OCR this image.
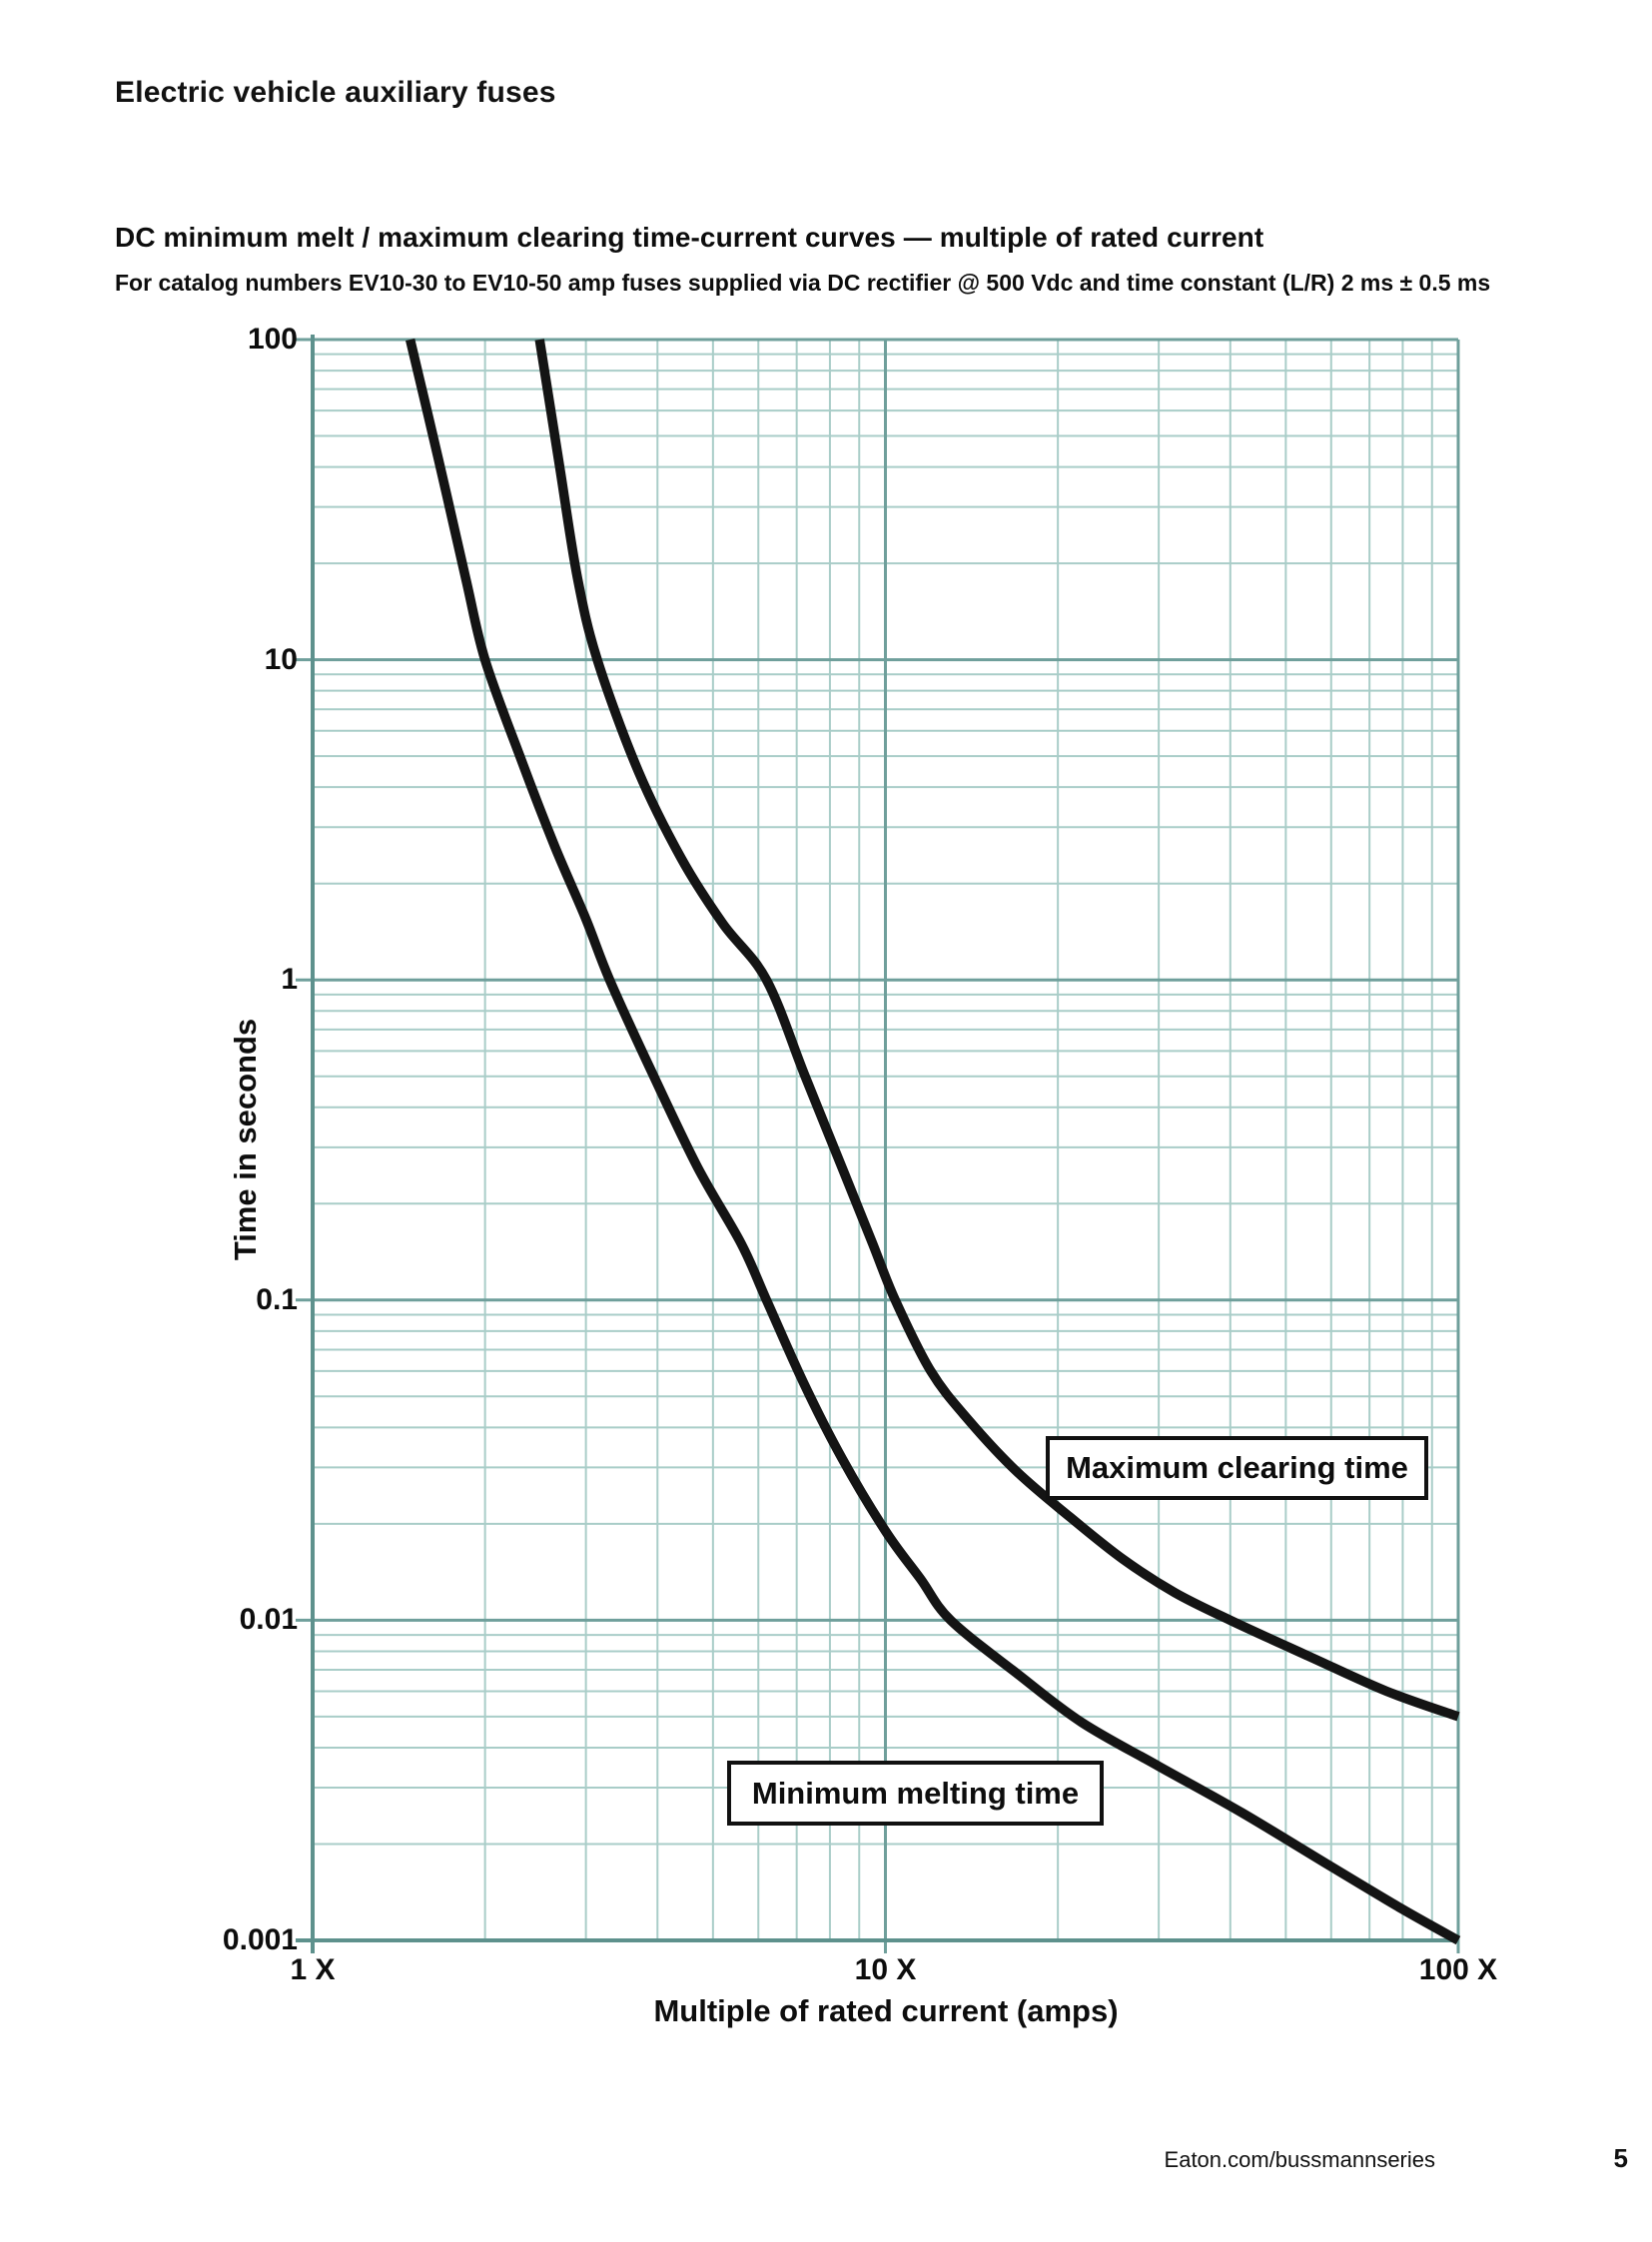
Electric vehicle auxiliary fuses
DC minimum melt / maximum clearing time-current curves — multiple of rated current
For catalog numbers EV10-30 to EV10-50 amp fuses supplied via DC rectifier @ 500 Vdc and time constant (L/R) 2 ms ± 0.5 ms
100
10
1
0.1
0.01
0.001
1 X	10 X	100 X
Time in seconds
Multiple of rated current (amps)
Maximum clearing time
Minimum melting time
Eaton.com/bussmannseries	5
